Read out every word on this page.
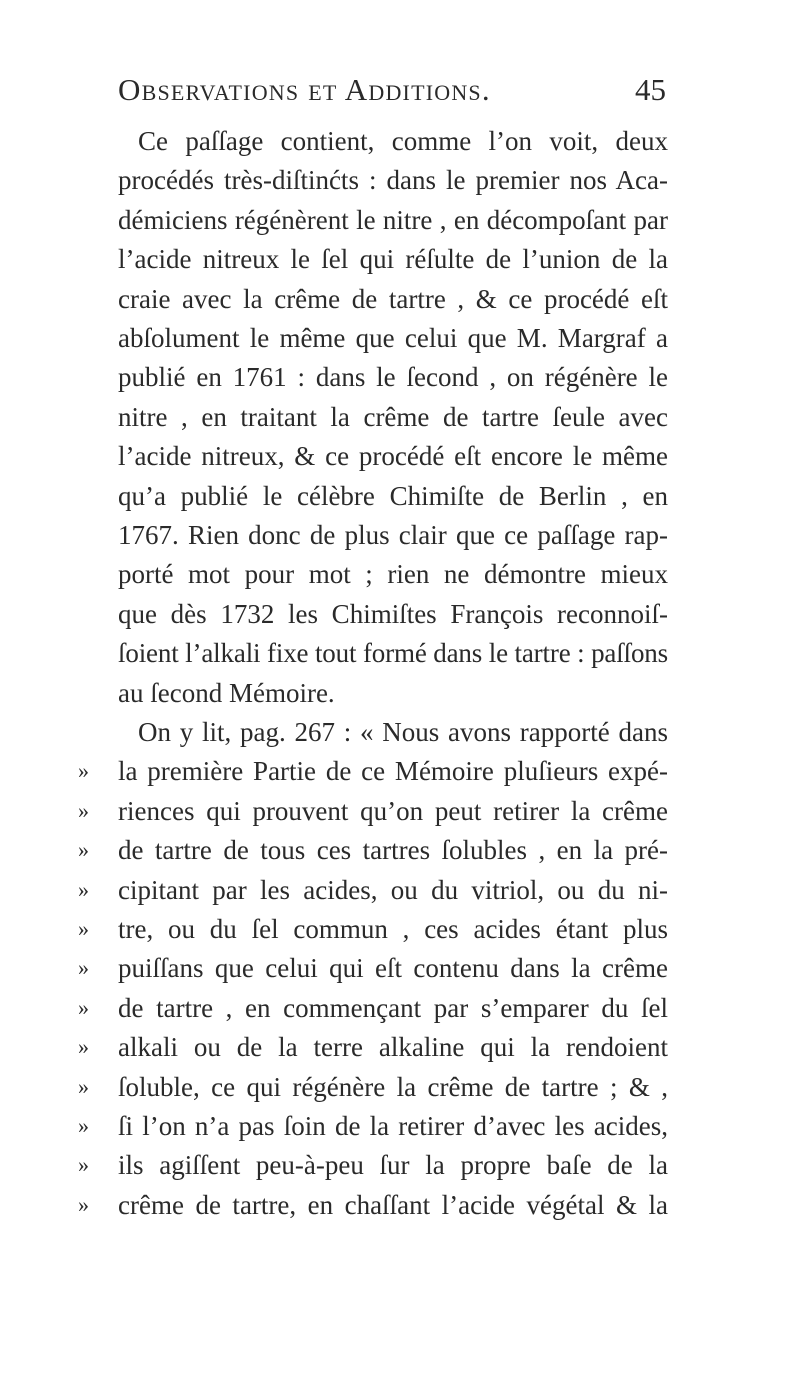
Observations et Additions.	45
Ce paſſage contient, comme l’on voit, deux
procédés très-diſtinćts : dans le premier nos Aca-
démiciens régénèrent le nitre , en décompoſant par
l’acide nitreux le ſel qui réſulte de l’union de la
craie avec la crême de tartre , & ce procédé eſt
abſolument le même que celui que M. Margraf a
publié en 1761 : dans le ſecond , on régénère le
nitre , en traitant la crême de tartre ſeule avec
l’acide nitreux, & ce procédé eſt encore le même
qu’a publié le célèbre Chimiſte de Berlin , en
1767. Rien donc de plus clair que ce paſſage rap-
porté mot pour mot ; rien ne démontre mieux
que dès 1732 les Chimiſtes François reconnoiſ-
ſoient l’alkali fixe tout formé dans le tartre : paſſons
au ſecond Mémoire.
On y lit, pag. 267 : « Nous avons rapporté dans
» la première Partie de ce Mémoire pluſieurs expé-
» riences qui prouvent qu’on peut retirer la crême
» de tartre de tous ces tartres ſolubles , en la pré-
» cipitant par les acides, ou du vitriol, ou du ni-
» tre, ou du ſel commun , ces acides étant plus
» puiſſans que celui qui eſt contenu dans la crême
» de tartre , en commençant par s’emparer du ſel
» alkali ou de la terre alkaline qui la rendoient
» ſoluble, ce qui régénère la crême de tartre ; & ,
» ſi l’on n’a pas ſoin de la retirer d’avec les acides,
» ils agiſſent peu-à-peu ſur la propre baſe de la
» crême de tartre, en chaſſant l’acide végétal & la
